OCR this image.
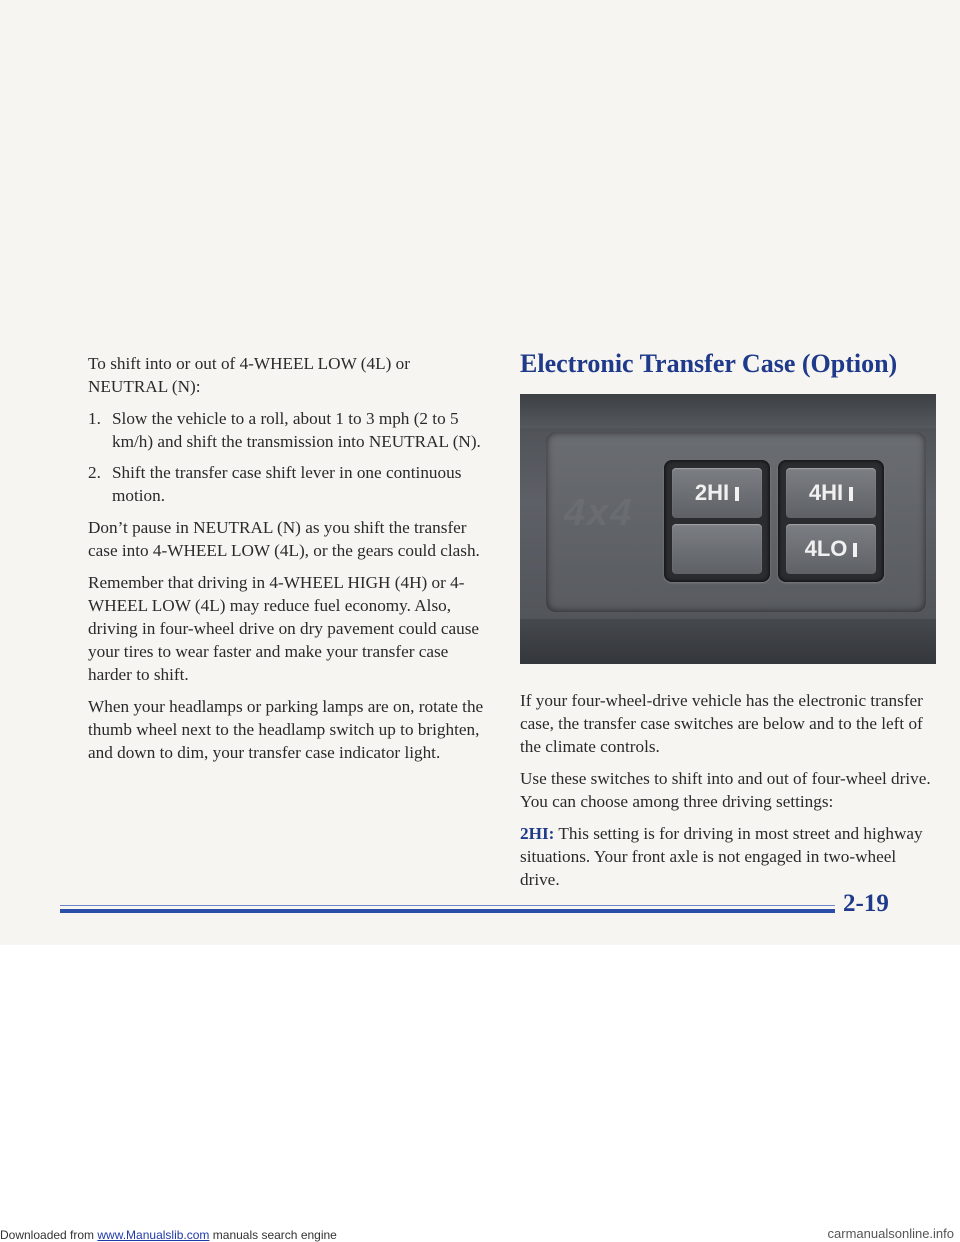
To shift into or out of 4-WHEEL LOW (4L) or NEUTRAL (N):

1. Slow the vehicle to a roll, about 1 to 3 mph (2 to 5 km/h) and shift the transmission into NEUTRAL (N).
2. Shift the transfer case shift lever in one continuous motion.

Don’t pause in NEUTRAL (N) as you shift the transfer case into 4-WHEEL LOW (4L), or the gears could clash.

Remember that driving in 4-WHEEL HIGH (4H) or 4-WHEEL LOW (4L) may reduce fuel economy. Also, driving in four-wheel drive on dry pavement could cause your tires to wear faster and make your transfer case harder to shift.

When your headlamps or parking lamps are on, rotate the thumb wheel next to the headlamp switch up to brighten, and down to dim, your transfer case indicator light.

Electronic Transfer Case (Option)
4x4	2HI	4HI
4LO

If your four-wheel-drive vehicle has the electronic transfer case, the transfer case switches are below and to the left of the climate controls.

Use these switches to shift into and out of four-wheel drive. You can choose among three driving settings:

2HI: This setting is for driving in most street and highway situations. Your front axle is not engaged in two-wheel drive.

2-19
Downloaded from www.Manualslib.com manuals search engine	carmanualsonline.info
